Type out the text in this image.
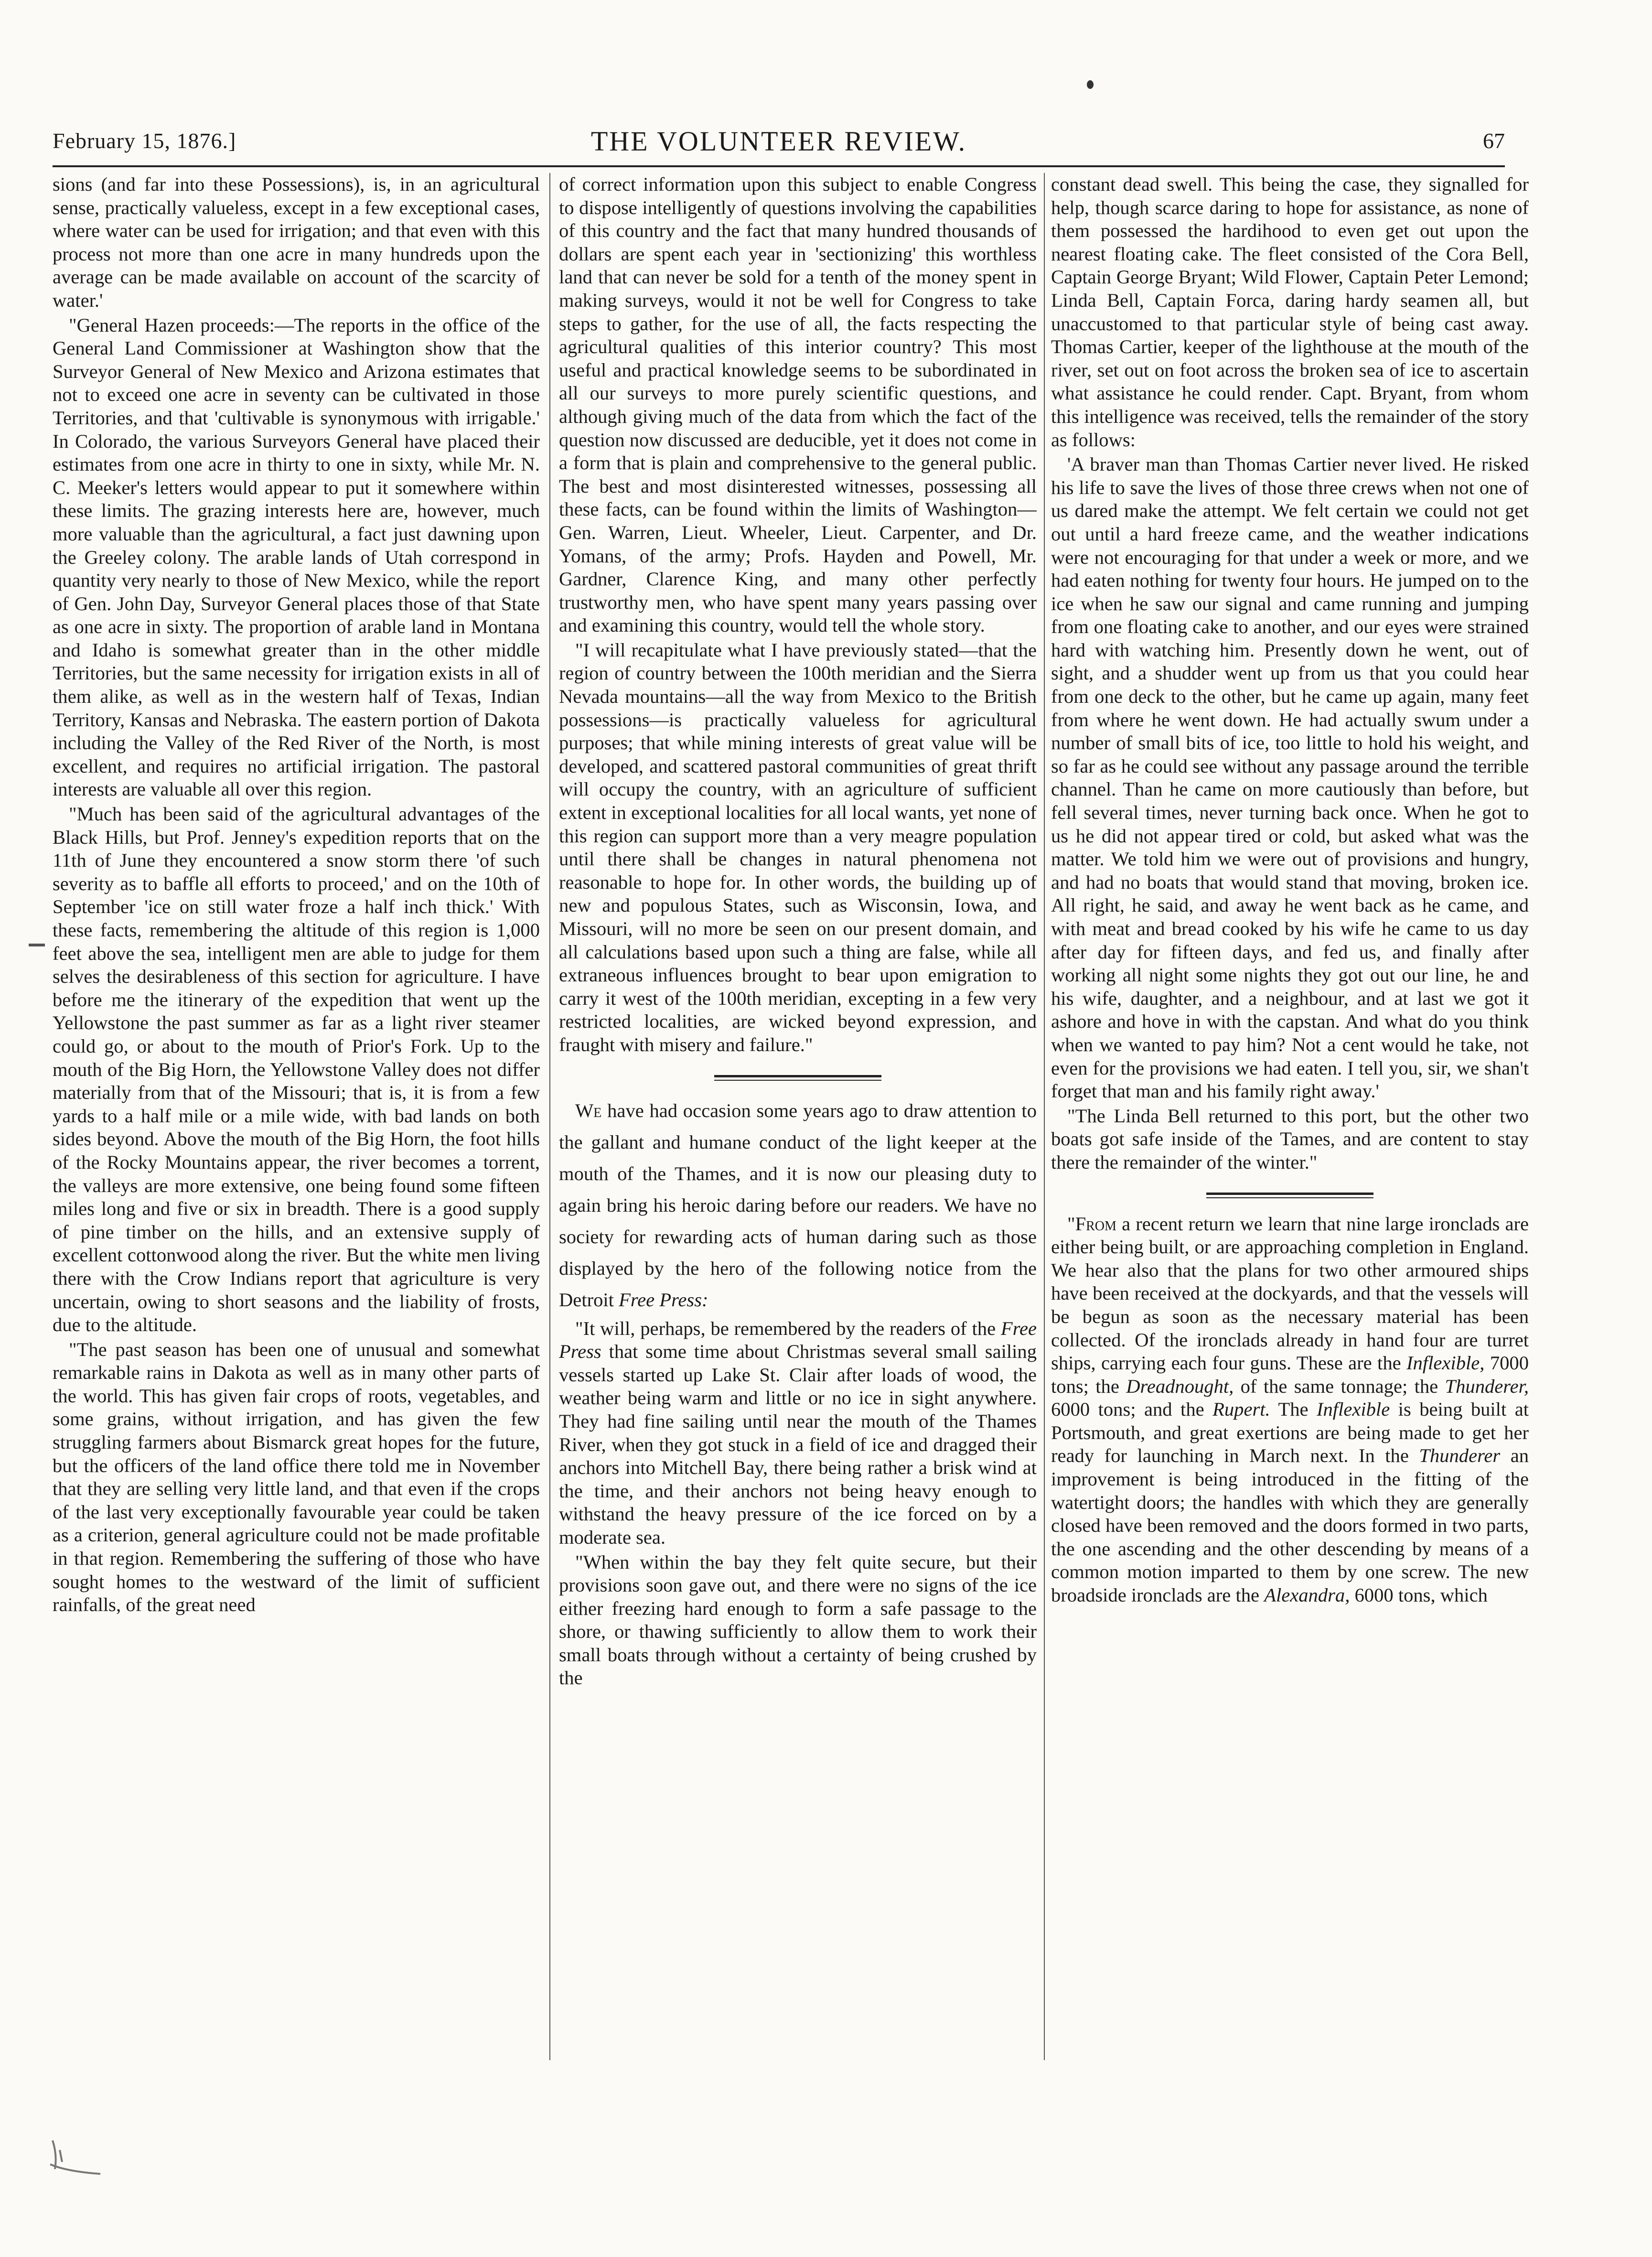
February 15, 1876.]	THE VOLUNTEER REVIEW.	67

sions (and far into these Possessions), is, in an agricultural sense, practically valueless, except in a few exceptional cases, where water can be used for irrigation; and that even with this process not more than one acre in many hundreds upon the average can be made available on account of the scarcity of water.'

"General Hazen proceeds:—The reports in the office of the General Land Commissioner at Washington show that the Surveyor General of New Mexico and Arizona estimates that not to exceed one acre in seventy can be cultivated in those Territories, and that 'cultivable is synonymous with irrigable.' In Colorado, the various Surveyors General have placed their estimates from one acre in thirty to one in sixty, while Mr. N. C. Meeker's letters would appear to put it somewhere within these limits. The grazing interests here are, however, much more valuable than the agricultural, a fact just dawning upon the Greeley colony. The arable lands of Utah correspond in quantity very nearly to those of New Mexico, while the report of Gen. John Day, Surveyor General places those of that State as one acre in sixty. The proportion of arable land in Montana and Idaho is somewhat greater than in the other middle Territories, but the same necessity for irrigation exists in all of them alike, as well as in the western half of Texas, Indian Territory, Kansas and Nebraska. The eastern portion of Dakota including the Valley of the Red River of the North, is most excellent, and requires no artificial irrigation. The pastoral interests are valuable all over this region.

"Much has been said of the agricultural advantages of the Black Hills, but Prof. Jenney's expedition reports that on the 11th of June they encountered a snow storm there 'of such severity as to baffle all efforts to proceed,' and on the 10th of September 'ice on still water froze a half inch thick.' With these facts, remembering the altitude of this region is 1,000 feet above the sea, intelligent men are able to judge for them selves the desirableness of this section for agriculture. I have before me the itinerary of the expedition that went up the Yellowstone the past summer as far as a light river steamer could go, or about to the mouth of Prior's Fork. Up to the mouth of the Big Horn, the Yellowstone Valley does not differ materially from that of the Missouri; that is, it is from a few yards to a half mile or a mile wide, with bad lands on both sides beyond. Above the mouth of the Big Horn, the foot hills of the Rocky Mountains appear, the river becomes a torrent, the valleys are more extensive, one being found some fifteen miles long and five or six in breadth. There is a good supply of pine timber on the hills, and an extensive supply of excellent cottonwood along the river. But the white men living there with the Crow Indians report that agriculture is very uncertain, owing to short seasons and the liability of frosts, due to the altitude.

"The past season has been one of unusual and somewhat remarkable rains in Dakota as well as in many other parts of the world. This has given fair crops of roots, vegetables, and some grains, without irrigation, and has given the few struggling farmers about Bismarck great hopes for the future, but the officers of the land office there told me in November that they are selling very little land, and that even if the crops of the last very exceptionally favourable year could be taken as a criterion, general agriculture could not be made profitable in that region. Remembering the suffering of those who have sought homes to the westward of the limit of sufficient rainfalls, of the great need

of correct information upon this subject to enable Congress to dispose intelligently of questions involving the capabilities of this country and the fact that many hundred thousands of dollars are spent each year in 'sectionizing' this worthless land that can never be sold for a tenth of the money spent in making surveys, would it not be well for Congress to take steps to gather, for the use of all, the facts respecting the agricultural qualities of this interior country? This most useful and practical knowledge seems to be subordinated in all our surveys to more purely scientific questions, and although giving much of the data from which the fact of the question now discussed are deducible, yet it does not come in a form that is plain and comprehensive to the general public. The best and most disinterested witnesses, possessing all these facts, can be found within the limits of Washington—Gen. Warren, Lieut. Wheeler, Lieut. Carpenter, and Dr. Yomans, of the army; Profs. Hayden and Powell, Mr. Gardner, Clarence King, and many other perfectly trustworthy men, who have spent many years passing over and examining this country, would tell the whole story.

"I will recapitulate what I have previously stated—that the region of country between the 100th meridian and the Sierra Nevada mountains—all the way from Mexico to the British possessions—is practically valueless for agricultural purposes; that while mining interests of great value will be developed, and scattered pastoral communities of great thrift will occupy the country, with an agriculture of sufficient extent in exceptional localities for all local wants, yet none of this region can support more than a very meagre population until there shall be changes in natural phenomena not reasonable to hope for. In other words, the building up of new and populous States, such as Wisconsin, Iowa, and Missouri, will no more be seen on our present domain, and all calculations based upon such a thing are false, while all extraneous influences brought to bear upon emigration to carry it west of the 100th meridian, excepting in a few very restricted localities, are wicked beyond expression, and fraught with misery and failure."

We have had occasion some years ago to draw attention to the gallant and humane conduct of the light keeper at the mouth of the Thames, and it is now our pleasing duty to again bring his heroic daring before our readers. We have no society for rewarding acts of human daring such as those displayed by the hero of the following notice from the Detroit Free Press:

"It will, perhaps, be remembered by the readers of the Free Press that some time about Christmas several small sailing vessels started up Lake St. Clair after loads of wood, the weather being warm and little or no ice in sight anywhere. They had fine sailing until near the mouth of the Thames River, when they got stuck in a field of ice and dragged their anchors into Mitchell Bay, there being rather a brisk wind at the time, and their anchors not being heavy enough to withstand the heavy pressure of the ice forced on by a moderate sea.

"When within the bay they felt quite secure, but their provisions soon gave out, and there were no signs of the ice either freezing hard enough to form a safe passage to the shore, or thawing sufficiently to allow them to work their small boats through without a certainty of being crushed by the

constant dead swell. This being the case, they signalled for help, though scarce daring to hope for assistance, as none of them possessed the hardihood to even get out upon the nearest floating cake. The fleet consisted of the Cora Bell, Captain George Bryant; Wild Flower, Captain Peter Lemond; Linda Bell, Captain Forca, daring hardy seamen all, but unaccustomed to that particular style of being cast away. Thomas Cartier, keeper of the lighthouse at the mouth of the river, set out on foot across the broken sea of ice to ascertain what assistance he could render. Capt. Bryant, from whom this intelligence was received, tells the remainder of the story as follows:

'A braver man than Thomas Cartier never lived. He risked his life to save the lives of those three crews when not one of us dared make the attempt. We felt certain we could not get out until a hard freeze came, and the weather indications were not encouraging for that under a week or more, and we had eaten nothing for twenty four hours. He jumped on to the ice when he saw our signal and came running and jumping from one floating cake to another, and our eyes were strained hard with watching him. Presently down he went, out of sight, and a shudder went up from us that you could hear from one deck to the other, but he came up again, many feet from where he went down. He had actually swum under a number of small bits of ice, too little to hold his weight, and so far as he could see without any passage around the terrible channel. Than he came on more cautiously than before, but fell several times, never turning back once. When he got to us he did not appear tired or cold, but asked what was the matter. We told him we were out of provisions and hungry, and had no boats that would stand that moving, broken ice. All right, he said, and away he went back as he came, and with meat and bread cooked by his wife he came to us day after day for fifteen days, and fed us, and finally after working all night some nights they got out our line, he and his wife, daughter, and a neighbour, and at last we got it ashore and hove in with the capstan. And what do you think when we wanted to pay him? Not a cent would he take, not even for the provisions we had eaten. I tell you, sir, we shan't forget that man and his family right away.'

"The Linda Bell returned to this port, but the other two boats got safe inside of the Tames, and are content to stay there the remainder of the winter."

"From a recent return we learn that nine large ironclads are either being built, or are approaching completion in England. We hear also that the plans for two other armoured ships have been received at the dockyards, and that the vessels will be begun as soon as the necessary material has been collected. Of the ironclads already in hand four are turret ships, carrying each four guns. These are the Inflexible, 7000 tons; the Dreadnought, of the same tonnage; the Thunderer, 6000 tons; and the Rupert. The Inflexible is being built at Portsmouth, and great exertions are being made to get her ready for launching in March next. In the Thunderer an improvement is being introduced in the fitting of the watertight doors; the handles with which they are generally closed have been removed and the doors formed in two parts, the one ascending and the other descending by means of a common motion imparted to them by one screw. The new broadside ironclads are the Alexandra, 6000 tons, which
